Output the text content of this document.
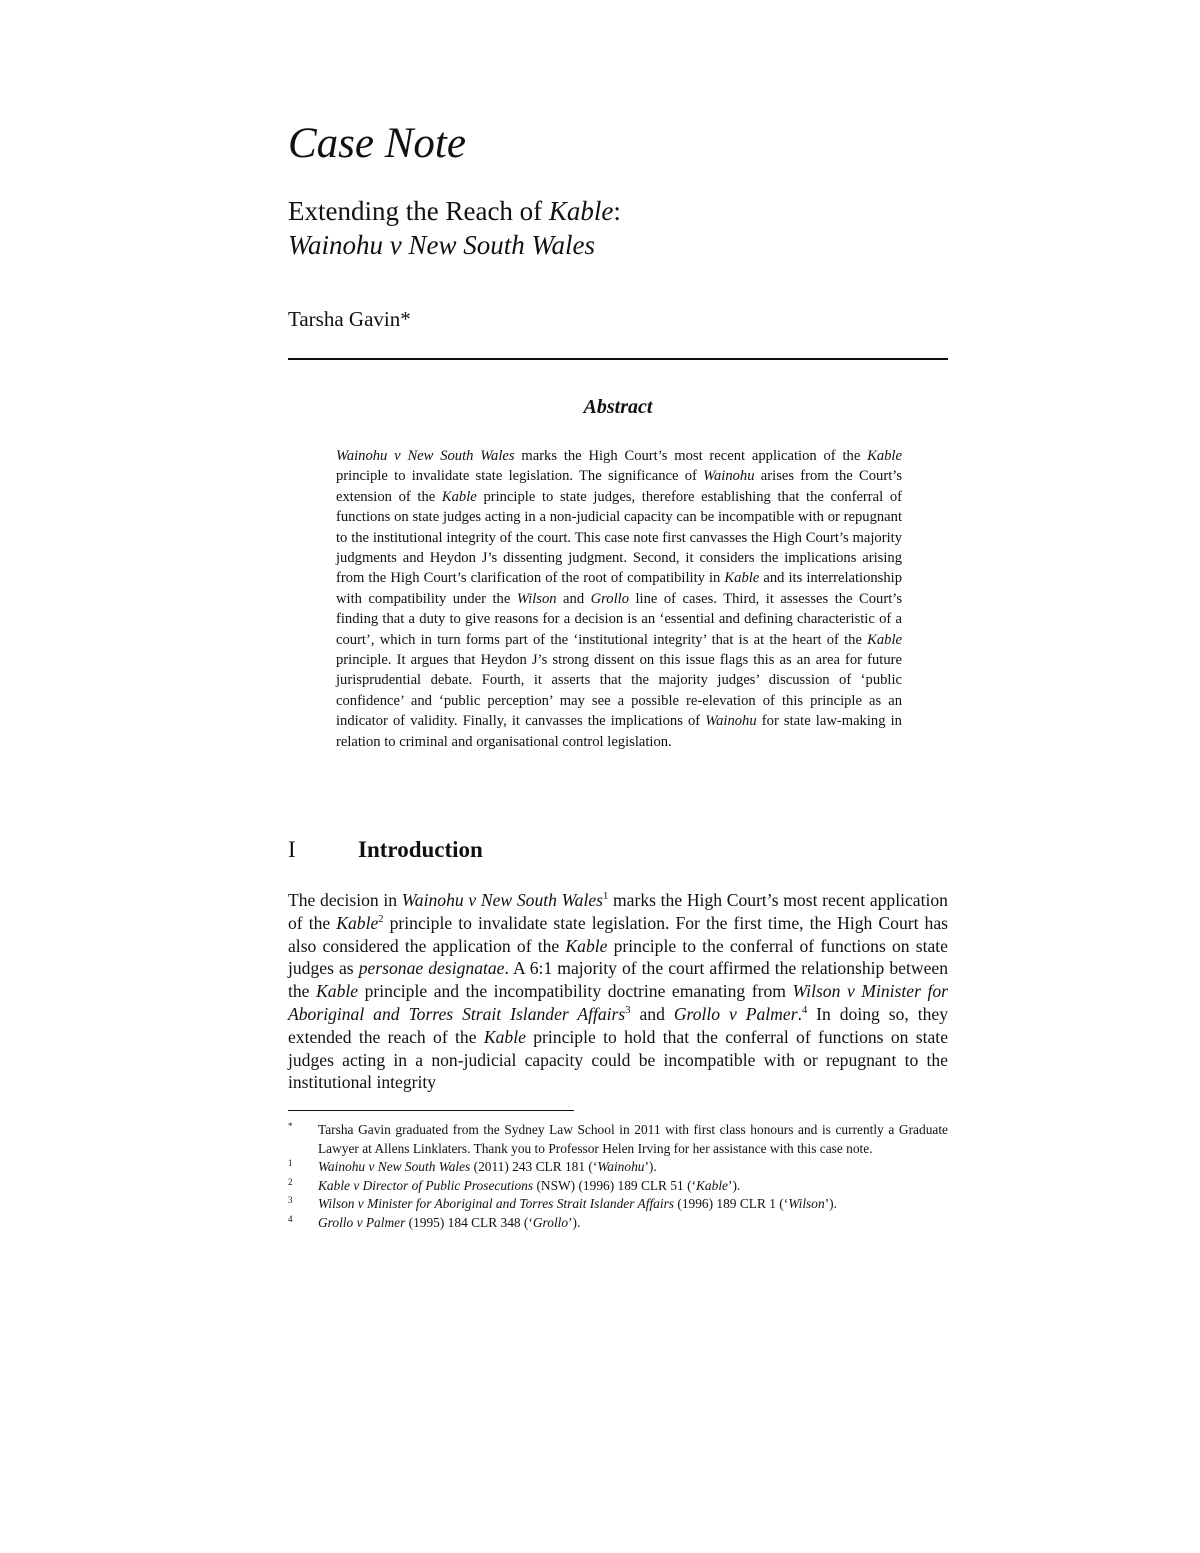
Case Note
Extending the Reach of Kable:
Wainohu v New South Wales
Tarsha Gavin*
Abstract

Wainohu v New South Wales marks the High Court’s most recent application of the Kable principle to invalidate state legislation. The significance of Wainohu arises from the Court’s extension of the Kable principle to state judges, therefore establishing that the conferral of functions on state judges acting in a non-judicial capacity can be incompatible with or repugnant to the institutional integrity of the court. This case note first canvasses the High Court’s majority judgments and Heydon J’s dissenting judgment. Second, it considers the implications arising from the High Court’s clarification of the root of compatibility in Kable and its interrelationship with compatibility under the Wilson and Grollo line of cases. Third, it assesses the Court’s finding that a duty to give reasons for a decision is an ‘essential and defining characteristic of a court’, which in turn forms part of the ‘institutional integrity’ that is at the heart of the Kable principle. It argues that Heydon J’s strong dissent on this issue flags this as an area for future jurisprudential debate. Fourth, it asserts that the majority judges’ discussion of ‘public confidence’ and ‘public perception’ may see a possible re-elevation of this principle as an indicator of validity. Finally, it canvasses the implications of Wainohu for state law-making in relation to criminal and organisational control legislation.

I	Introduction

The decision in Wainohu v New South Wales$^1$ marks the High Court’s most recent application of the Kable$^2$ principle to invalidate state legislation. For the first time, the High Court has also considered the application of the Kable principle to the conferral of functions on state judges as personae designatae. A 6:1 majority of the court affirmed the relationship between the Kable principle and the incompatibility doctrine emanating from Wilson v Minister for Aboriginal and Torres Strait Islander Affairs$^3$ and Grollo v Palmer.$^4$ In doing so, they extended the reach of the Kable principle to hold that the conferral of functions on state judges acting in a non-judicial capacity could be incompatible with or repugnant to the institutional integrity

* Tarsha Gavin graduated from the Sydney Law School in 2011 with first class honours and is currently a Graduate Lawyer at Allens Linklaters. Thank you to Professor Helen Irving for her assistance with this case note.
1 Wainohu v New South Wales (2011) 243 CLR 181 (‘Wainohu’).
2 Kable v Director of Public Prosecutions (NSW) (1996) 189 CLR 51 (‘Kable’).
3 Wilson v Minister for Aboriginal and Torres Strait Islander Affairs (1996) 189 CLR 1 (‘Wilson’).
4 Grollo v Palmer (1995) 184 CLR 348 (‘Grollo’).
